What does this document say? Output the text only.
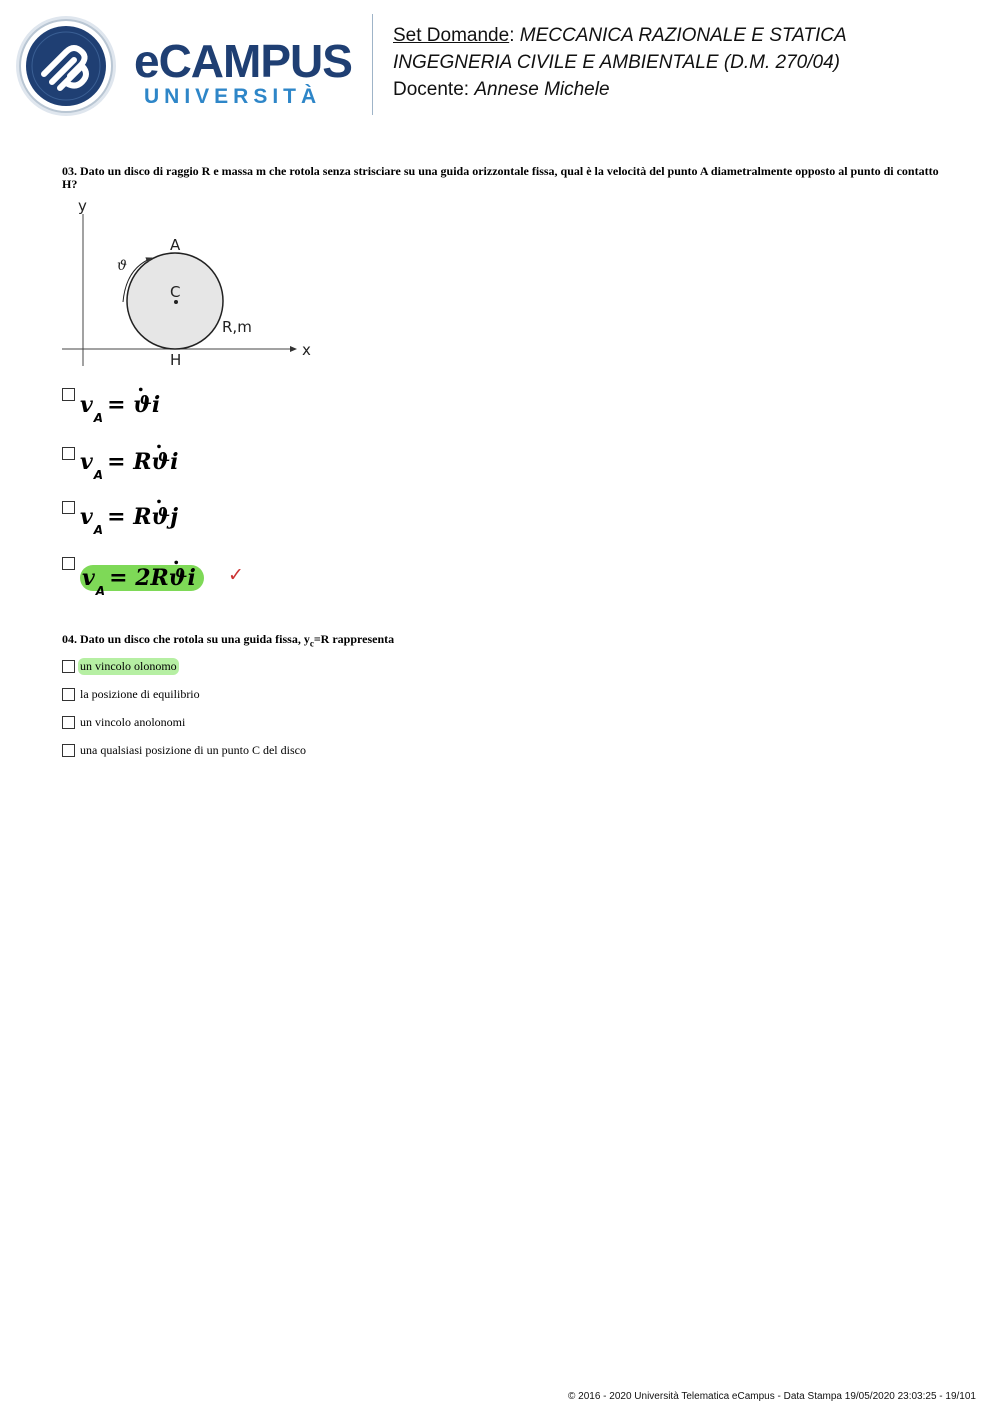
eCAMPUS
UNIVERSITÀ
Set Domande: MECCANICA RAZIONALE E STATICA
INGEGNERIA CIVILE E AMBIENTALE (D.M. 270/04)
Docente: Annese Michele
03. Dato un disco di raggio R e massa m che rotola senza strisciare su una guida orizzontale fissa, qual è la velocità del punto A diametralmente opposto al punto di contatto H?
y
x
A
C
H
R,m
ϑ
$v_A$ = . ϑi
$v_A = R$. ϑi
$v_A = R$. ϑj
$v_A = 2R$. ϑi	✓
04. Dato un disco che rotola su una guida fissa, $y_c=R$ rappresenta
un vincolo olonomo
la posizione di equilibrio
un vincolo anolonomi
una qualsiasi posizione di un punto C del disco
© 2016 - 2020 Università Telematica eCampus - Data Stampa 19/05/2020 23:03:25 - 19/101
